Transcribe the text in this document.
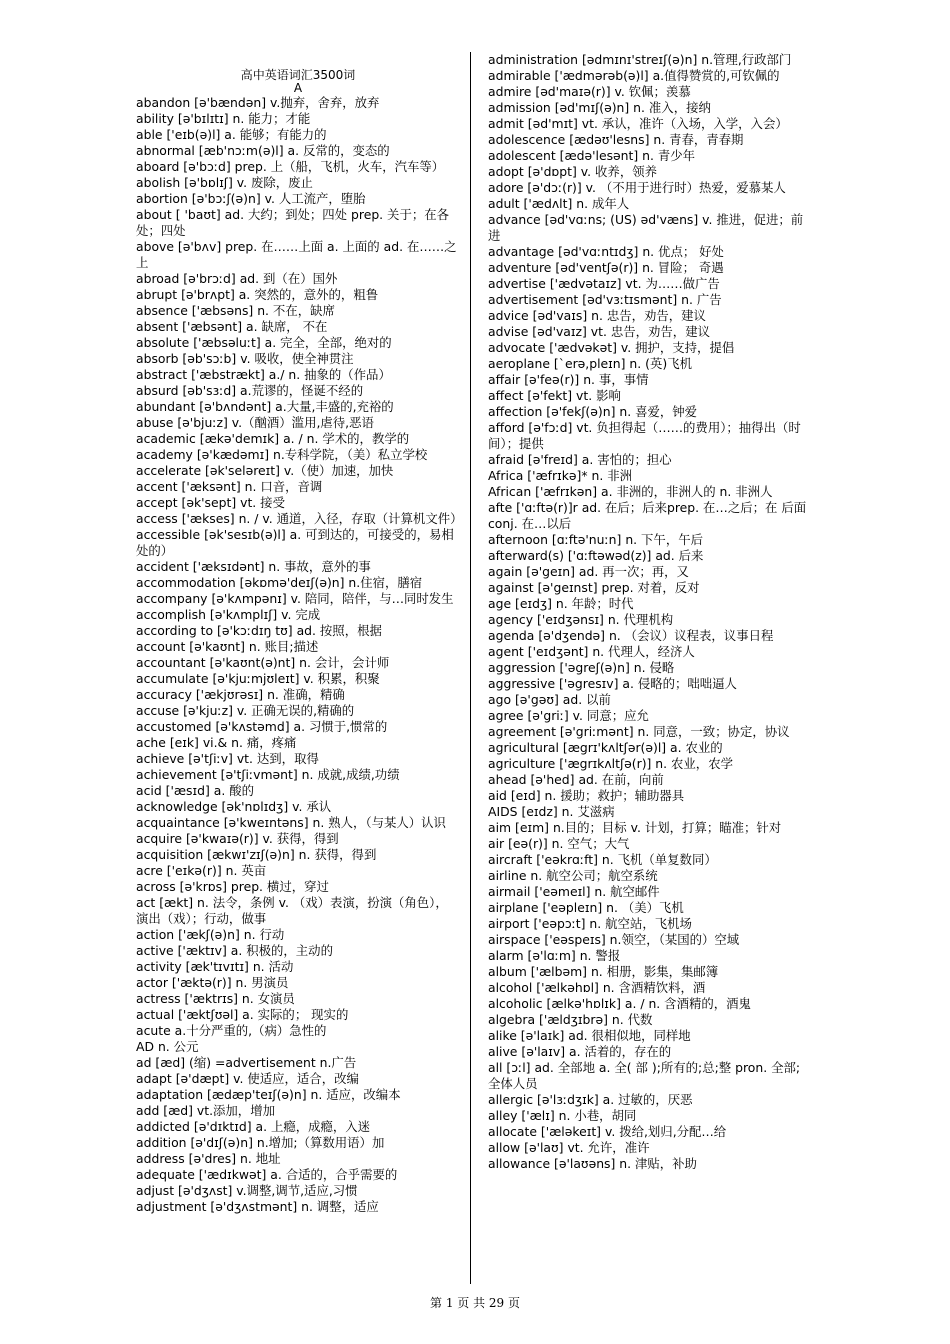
高中英语词汇3500词
A
abandon [ə'bændən] v.抛弃，舍弃，放弃
ability [ə'bɪlɪtɪ] n. 能力；才能
able ['eɪb(ə)l] a. 能够；有能力的
abnormal [æb'nɔːm(ə)l] a. 反常的，变态的
aboard [ə'bɔːd] prep. 上（船，飞机，火车，汽车等）
abolish [ə'bɒlɪʃ] v. 废除，废止
abortion [ə'bɔːʃ(ə)n] v. 人工流产，堕胎
about [ 'baʊt] ad. 大约；到处；四处 prep. 关于；在各处；四处
above [ə'bʌv] prep. 在……上面 a. 上面的 ad. 在……之上
abroad [ə'brɔːd] ad. 到（在）国外
abrupt [ə'brʌpt] a. 突然的，意外的，粗鲁
absence ['æbsəns] n. 不在，缺席
absent ['æbsənt] a. 缺席， 不在
absolute ['æbsəluːt] a. 完全，全部，绝对的
absorb [əb'sɔːb] v. 吸收，使全神贯注
abstract ['æbstrækt] a./ n. 抽象的（作品）
absurd [əb'sɜːd] a.荒谬的，怪诞不经的
abundant [ə'bʌndənt] a.大量,丰盛的,充裕的
abuse [ə'bjuːz] v.（酗酒）滥用,虐待,恶语
academic [ækə'demɪk] a. / n. 学术的，教学的
academy [ə'kædəmɪ] n.专科学院，（美）私立学校
accelerate [ək'seləreɪt] v.（使）加速，加快
accent ['æksənt] n. 口音，音调
accept [ək'sept] vt. 接受
access ['ækses] n. / v. 通道，入径，存取（计算机文件）
accessible [ək'sesɪb(ə)l] a. 可到达的，可接受的，易相处的）
accident ['æksɪdənt] n. 事故，意外的事
accommodation [əkɒmə'deɪʃ(ə)n] n.住宿，膳宿
accompany [ə'kʌmpənɪ] v. 陪同，陪伴，与…同时发生
accomplish [ə'kʌmplɪʃ] v. 完成
according to [ə'kɔːdɪŋ tʊ] ad. 按照，根据
account [ə'kaʊnt] n. 账目;描述
accountant [ə'kaʊnt(ə)nt] n. 会计，会计师
accumulate [ə'kjuːmjʊleɪt] v. 积累，积聚
accuracy ['ækjʊrəsɪ] n. 准确，精确
accuse [ə'kjuːz] v. 正确无误的,精确的
accustomed [ə'kʌstəmd] a. 习惯于,惯常的
ache [eɪk] vi.& n. 痛，疼痛
achieve [ə'tʃiːv] vt. 达到，取得
achievement [ə'tʃiːvmənt] n. 成就,成绩,功绩
acid ['æsɪd] a. 酸的
acknowledge [ək'nɒlɪdʒ] v. 承认
acquaintance [ə'kweɪntəns] n. 熟人，（与某人）认识
acquire [ə'kwaɪə(r)] v. 获得，得到
acquisition [ækwɪ'zɪʃ(ə)n] n. 获得，得到
acre ['eɪkə(r)] n. 英亩
across [ə'krɒs] prep. 横过，穿过
act [ækt] n. 法令，条例 v. （戏）表演，扮演（角色），演出（戏）；行动，做事
action ['ækʃ(ə)n] n. 行动
active ['æktɪv] a. 积极的，主动的
activity [æk'tɪvɪtɪ] n. 活动
actor ['æktə(r)] n. 男演员
actress ['æktrɪs] n. 女演员
actual ['æktʃʊəl] a. 实际的； 现实的
acute a.十分严重的,（病）急性的
AD n. 公元
ad [æd] (缩) =advertisement n.广告
adapt [ə'dæpt] v. 使适应，适合，改编
adaptation [ædæp'teɪʃ(ə)n] n. 适应，改编本
add [æd] vt.添加，增加
addicted [ə'dɪktɪd] a. 上瘾，成瘾，入迷
addition [ə'dɪʃ(ə)n] n.增加;（算数用语）加
address [ə'dres] n. 地址
adequate ['ædɪkwət] a. 合适的，合乎需要的
adjust [ə'dʒʌst] v.调整,调节,适应,习惯
adjustment [ə'dʒʌstmənt] n. 调整，适应
administration [ədmɪnɪ'streɪʃ(ə)n] n.管理,行政部门
admirable ['ædmərəb(ə)l] a.值得赞赏的,可钦佩的
admire [əd'maɪə(r)] v. 钦佩；羡慕
admission [əd'mɪʃ(ə)n] n. 准入，接纳
admit [əd'mɪt] vt. 承认，准许（入场，入学，入会）
adolescence [ædəʊ'lesns] n. 青春，青春期
adolescent [ædə'lesənt] n. 青少年
adopt [ə'dɒpt] v. 收养，领养
adore [ə'dɔː(r)] v. （不用于进行时）热爱，爱慕某人
adult ['ædʌlt] n. 成年人
advance [əd'vɑːns; (US) əd'væns] v. 推进，促进；前进
advantage [əd'vɑːntɪdʒ] n. 优点； 好处
adventure [əd'ventʃə(r)] n. 冒险； 奇遇
advertise ['ædvətaɪz] vt. 为……做广告
advertisement [əd'vɜːtɪsmənt] n. 广告
advice [əd'vaɪs] n. 忠告，劝告，建议
advise [əd'vaɪz] vt. 忠告，劝告，建议
advocate ['ædvəkət] v. 拥护，支持，提倡
aeroplane [`erə,pleɪn] n. (英)飞机
affair [ə'feə(r)] n. 事，事情
affect [ə'fekt] vt. 影响
affection [ə'fekʃ(ə)n] n. 喜爱，钟爱
afford [ə'fɔːd] vt. 负担得起（……的费用）；抽得出（时间）；提供
afraid [ə'freɪd] a. 害怕的；担心
Africa ['æfrɪkə]* n. 非洲
African ['æfrɪkən] a. 非洲的，非洲人的 n. 非洲人
afte ['ɑːftə(r)]r ad. 在后；后来prep. 在…之后；在 后面 conj. 在…以后
afternoon [ɑːftə'nuːn] n. 下午，午后
afterward(s) ['ɑːftəwəd(z)] ad. 后来
again [ə'geɪn] ad. 再一次；再，又
against [ə'geɪnst] prep. 对着，反对
age [eɪdʒ] n. 年龄；时代
agency ['eɪdʒənsɪ] n. 代理机构
agenda [ə'dʒendə] n. （会议）议程表，议事日程
agent ['eɪdʒənt] n. 代理人，经济人
aggression ['əgreʃ(ə)n] n. 侵略
aggressive ['əgresɪv] a. 侵略的；咄咄逼人
ago [ə'gəʊ] ad. 以前
agree [ə'griː] v. 同意；应允
agreement [ə'griːmənt] n. 同意，一致；协定，协议
agricultural [ægrɪ'kʌltʃər(ə)l] a. 农业的
agriculture ['ægrɪkʌltʃə(r)] n. 农业，农学
ahead [ə'hed] ad. 在前，向前
aid [eɪd] n. 援助；救护；辅助器具
AIDS [eɪdz] n. 艾滋病
aim [eɪm] n.目的；目标 v. 计划，打算；瞄准；针对
air [eə(r)] n. 空气；大气
aircraft ['eəkrɑːft] n. 飞机（单复数同）
airline n. 航空公司；航空系统
airmail ['eəmeɪl] n. 航空邮件
airplane ['eəpleɪn] n. （美）飞机
airport ['eəpɔːt] n. 航空站，飞机场
airspace ['eəspeɪs] n.领空，（某国的）空域
alarm [ə'lɑːm] n. 警报
album ['ælbəm] n. 相册，影集，集邮簿
alcohol ['ælkəhɒl] n. 含酒精饮料，酒
alcoholic [ælkə'hɒlɪk] a. / n. 含酒精的，酒鬼
algebra ['ældʒɪbrə] n. 代数
alike [ə'laɪk] ad. 很相似地，同样地
alive [ə'laɪv] a. 活着的，存在的
all [ɔːl] ad. 全部地 a. 全( 部 );所有的;总;整 pron. 全部;全体人员
allergic [ə'lɜːdʒɪk] a. 过敏的，厌恶
alley ['ælɪ] n. 小巷，胡同
allocate ['æləkeɪt] v. 拨给,划归,分配…给
allow [ə'laʊ] vt. 允许，准许
allowance [ə'laʊəns] n. 津贴，补助
第 1 页 共 29 页
